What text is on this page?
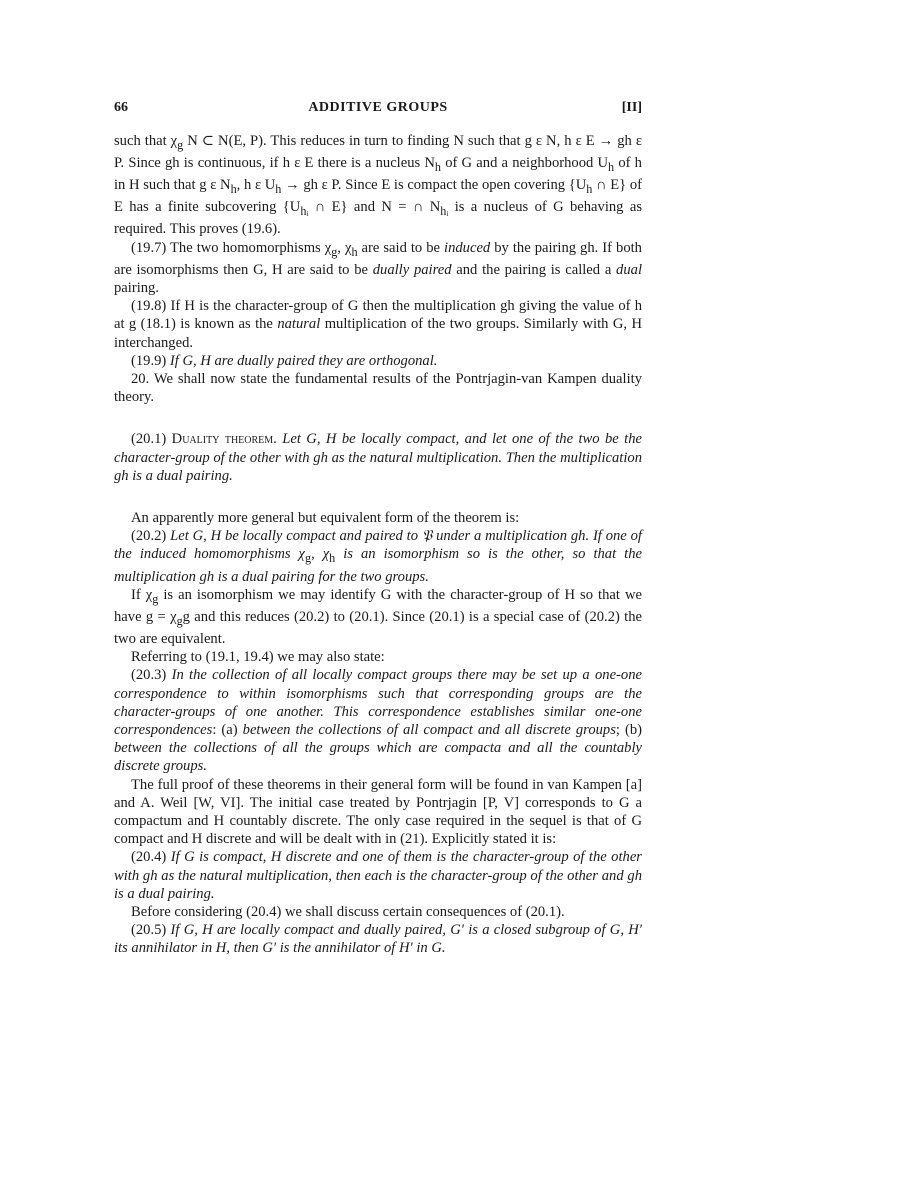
66	ADDITIVE GROUPS	[II]

such that $\chi_g$ N ⊂ N(E, P). This reduces in turn to finding N such that g ε N, h ε E → gh ε P. Since gh is continuous, if h ε E there is a nucleus $N_h$ of G and a neighborhood $U_h$ of h in H such that g ε $N_h$, h ε $U_h$ → gh ε P. Since E is compact the open covering {$U_h$ ∩ E} of E has a finite subcovering {$U_{hᵢ}$ ∩ E} and N = ∩ $N_{hᵢ}$ is a nucleus of G behaving as required. This proves (19.6).

(19.7) The two homomorphisms $\chi_g$, $\chi_h$ are said to be induced by the pairing gh. If both are isomorphisms then G, H are said to be dually paired and the pairing is called a dual pairing.

(19.8) If H is the character-group of G then the multiplication gh giving the value of h at g (18.1) is known as the natural multiplication of the two groups. Similarly with G, H interchanged.

(19.9) If G, H are dually paired they are orthogonal.

20. We shall now state the fundamental results of the Pontrjagin-van Kampen duality theory.

(20.1) Duality theorem. Let G, H be locally compact, and let one of the two be the character-group of the other with gh as the natural multiplication. Then the multiplication gh is a dual pairing.

An apparently more general but equivalent form of the theorem is:

(20.2) Let G, H be locally compact and paired to 𝔓 under a multiplication gh. If one of the induced homomorphisms $\chi_g$, $\chi_h$ is an isomorphism so is the other, so that the multiplication gh is a dual pairing for the two groups.

If $\chi_g$ is an isomorphism we may identify G with the character-group of H so that we have $g = \chi_gg$ and this reduces (20.2) to (20.1). Since (20.1) is a special case of (20.2) the two are equivalent.

Referring to (19.1, 19.4) we may also state:

(20.3) In the collection of all locally compact groups there may be set up a one-one correspondence to within isomorphisms such that corresponding groups are the character-groups of one another. This correspondence establishes similar one-one correspondences: (a) between the collections of all compact and all discrete groups; (b) between the collections of all the groups which are compacta and all the countably discrete groups.

The full proof of these theorems in their general form will be found in van Kampen [a] and A. Weil [W, VI]. The initial case treated by Pontrjagin [P, V] corresponds to G a compactum and H countably discrete. The only case required in the sequel is that of G compact and H discrete and will be dealt with in (21). Explicitly stated it is:

(20.4) If G is compact, H discrete and one of them is the character-group of the other with gh as the natural multiplication, then each is the character-group of the other and gh is a dual pairing.

Before considering (20.4) we shall discuss certain consequences of (20.1).

(20.5) If G, H are locally compact and dually paired, G′ is a closed subgroup of G, H′ its annihilator in H, then G′ is the annihilator of H′ in G.
